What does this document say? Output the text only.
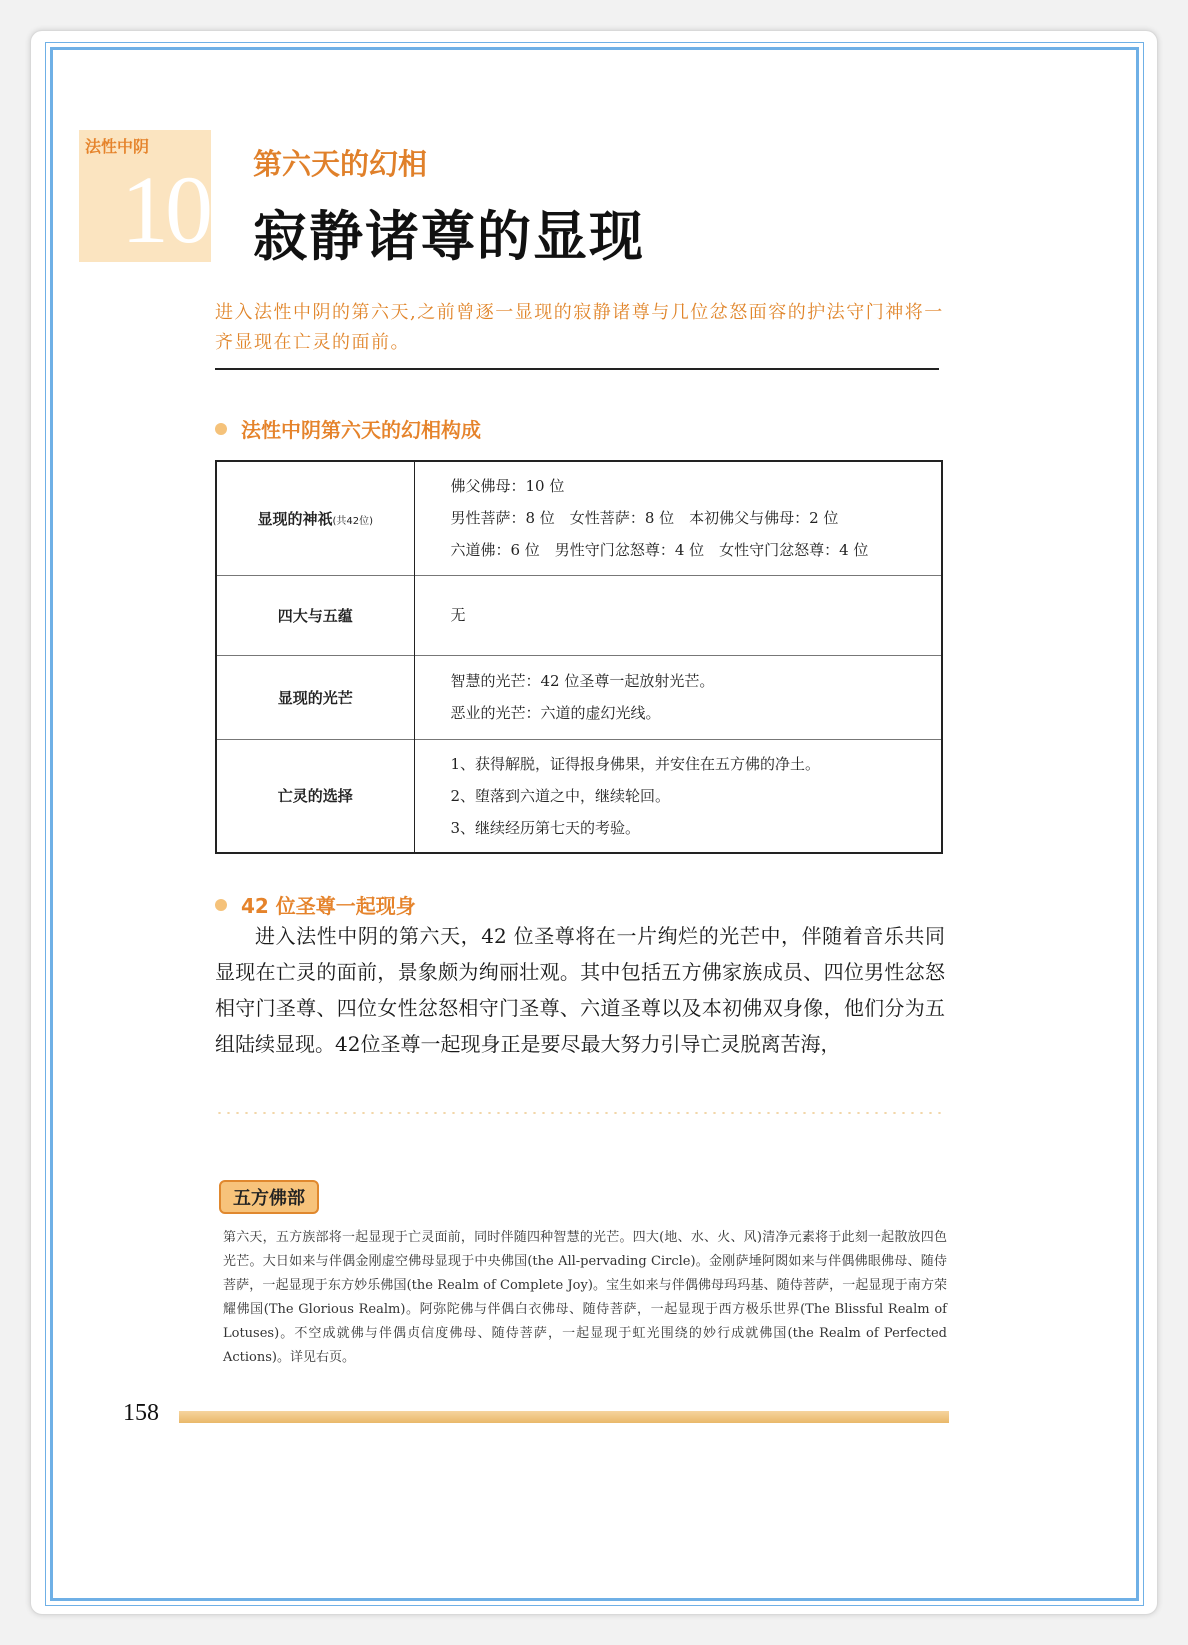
法性中阴
10 第六天的幻相
寂静诸尊的显现
进入法性中阴的第六天,之前曾逐一显现的寂静诸尊与几位忿怒面容的护法守门神将一齐显现在亡灵的面前。
法性中阴第六天的幻相构成
显现的神祇(共42位)	佛父佛母：10 位
男性菩萨：8 位　女性菩萨：8 位　本初佛父与佛母：2 位
六道佛：6 位　男性守门忿怒尊：4 位　女性守门忿怒尊：4 位

四大与五蕴	无

显现的光芒	智慧的光芒：42 位圣尊一起放射光芒。
恶业的光芒：六道的虚幻光线。

亡灵的选择	1、获得解脱，证得报身佛果，并安住在五方佛的净土。
2、堕落到六道之中，继续轮回。
3、继续经历第七天的考验。
42 位圣尊一起现身
进入法性中阴的第六天，42 位圣尊将在一片绚烂的光芒中，伴随着音乐共同显现在亡灵的面前，景象颇为绚丽壮观。其中包括五方佛家族成员、四位男性忿怒相守门圣尊、四位女性忿怒相守门圣尊、六道圣尊以及本初佛双身像，他们分为五组陆续显现。42位圣尊一起现身正是要尽最大努力引导亡灵脱离苦海，
五方佛部
第六天，五方族部将一起显现于亡灵面前，同时伴随四种智慧的光芒。四大(地、水、火、风)清净元素将于此刻一起散放四色光芒。大日如来与伴偶金刚虚空佛母显现于中央佛国(the All-pervading Circle)。金刚萨埵阿閦如来与伴偶佛眼佛母、随侍菩萨，一起显现于东方妙乐佛国(the Realm of Complete Joy)。宝生如来与伴偶佛母玛玛基、随侍菩萨，一起显现于南方荣耀佛国(The Glorious Realm)。阿弥陀佛与伴偶白衣佛母、随侍菩萨，一起显现于西方极乐世界(The Blissful Realm of Lotuses)。不空成就佛与伴偶贞信度佛母、随侍菩萨，一起显现于虹光围绕的妙行成就佛国(the Realm of Perfected Actions)。详见右页。
158
